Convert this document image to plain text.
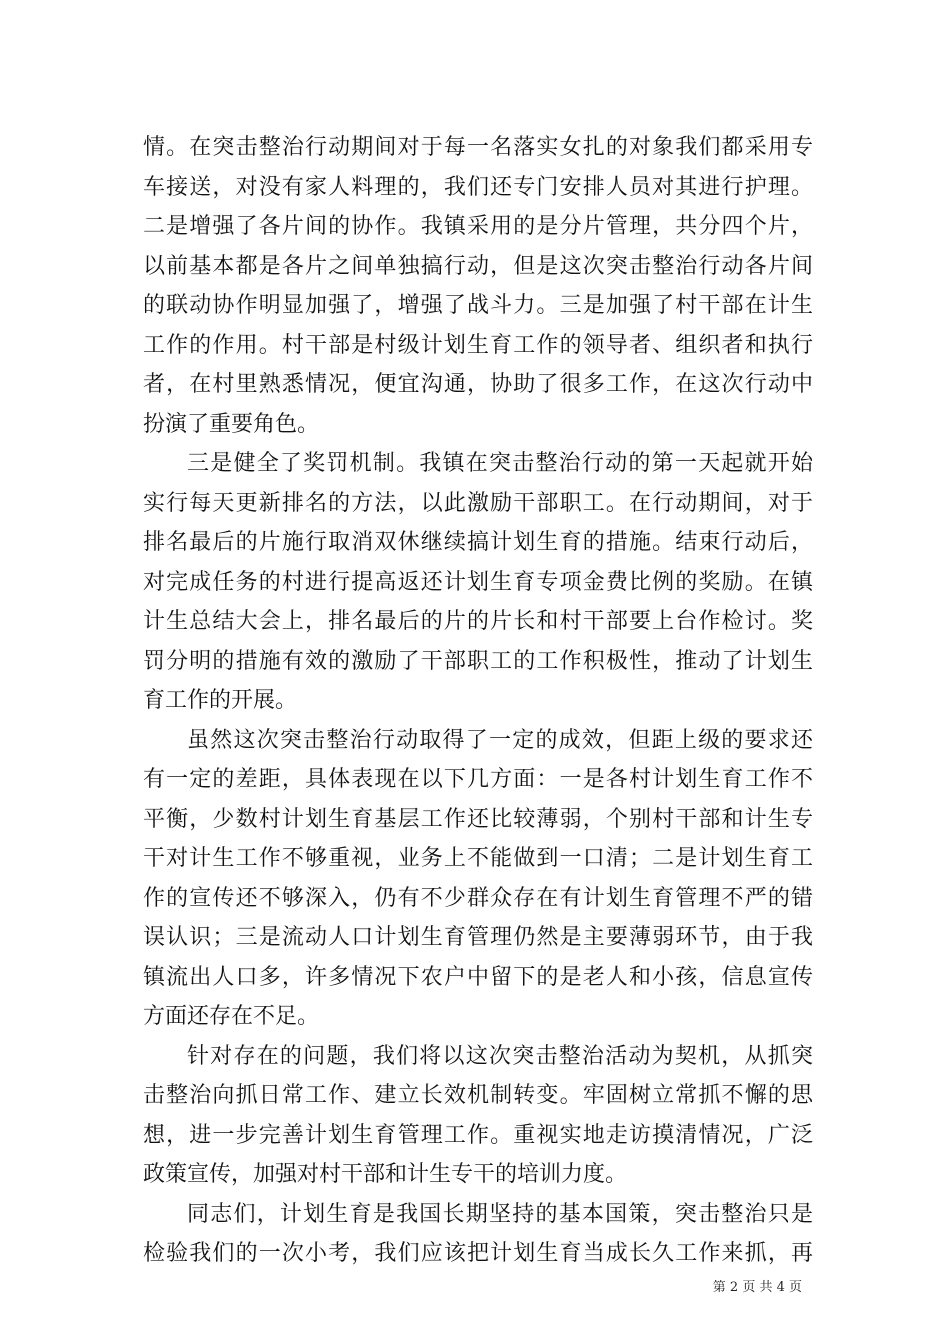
情。在突击整治行动期间对于每一名落实女扎的对象我们都采用专
车接送，对没有家人料理的，我们还专门安排人员对其进行护理。
二是增强了各片间的协作。我镇采用的是分片管理，共分四个片，
以前基本都是各片之间单独搞行动，但是这次突击整治行动各片间
的联动协作明显加强了，增强了战斗力。三是加强了村干部在计生
工作的作用。村干部是村级计划生育工作的领导者、组织者和执行
者，在村里熟悉情况，便宜沟通，协助了很多工作，在这次行动中
扮演了重要角色。
三是健全了奖罚机制。我镇在突击整治行动的第一天起就开始
实行每天更新排名的方法，以此激励干部职工。在行动期间，对于
排名最后的片施行取消双休继续搞计划生育的措施。结束行动后，
对完成任务的村进行提高返还计划生育专项金费比例的奖励。在镇
计生总结大会上，排名最后的片的片长和村干部要上台作检讨。奖
罚分明的措施有效的激励了干部职工的工作积极性，推动了计划生
育工作的开展。
虽然这次突击整治行动取得了一定的成效，但距上级的要求还
有一定的差距，具体表现在以下几方面：一是各村计划生育工作不
平衡，少数村计划生育基层工作还比较薄弱，个别村干部和计生专
干对计生工作不够重视，业务上不能做到一口清；二是计划生育工
作的宣传还不够深入，仍有不少群众存在有计划生育管理不严的错
误认识；三是流动人口计划生育管理仍然是主要薄弱环节，由于我
镇流出人口多，许多情况下农户中留下的是老人和小孩，信息宣传
方面还存在不足。
针对存在的问题，我们将以这次突击整治活动为契机，从抓突
击整治向抓日常工作、建立长效机制转变。牢固树立常抓不懈的思
想，进一步完善计划生育管理工作。重视实地走访摸清情况，广泛
政策宣传，加强对村干部和计生专干的培训力度。
同志们，计划生育是我国长期坚持的基本国策，突击整治只是
检验我们的一次小考，我们应该把计划生育当成长久工作来抓，再
第 2 页 共 4 页
